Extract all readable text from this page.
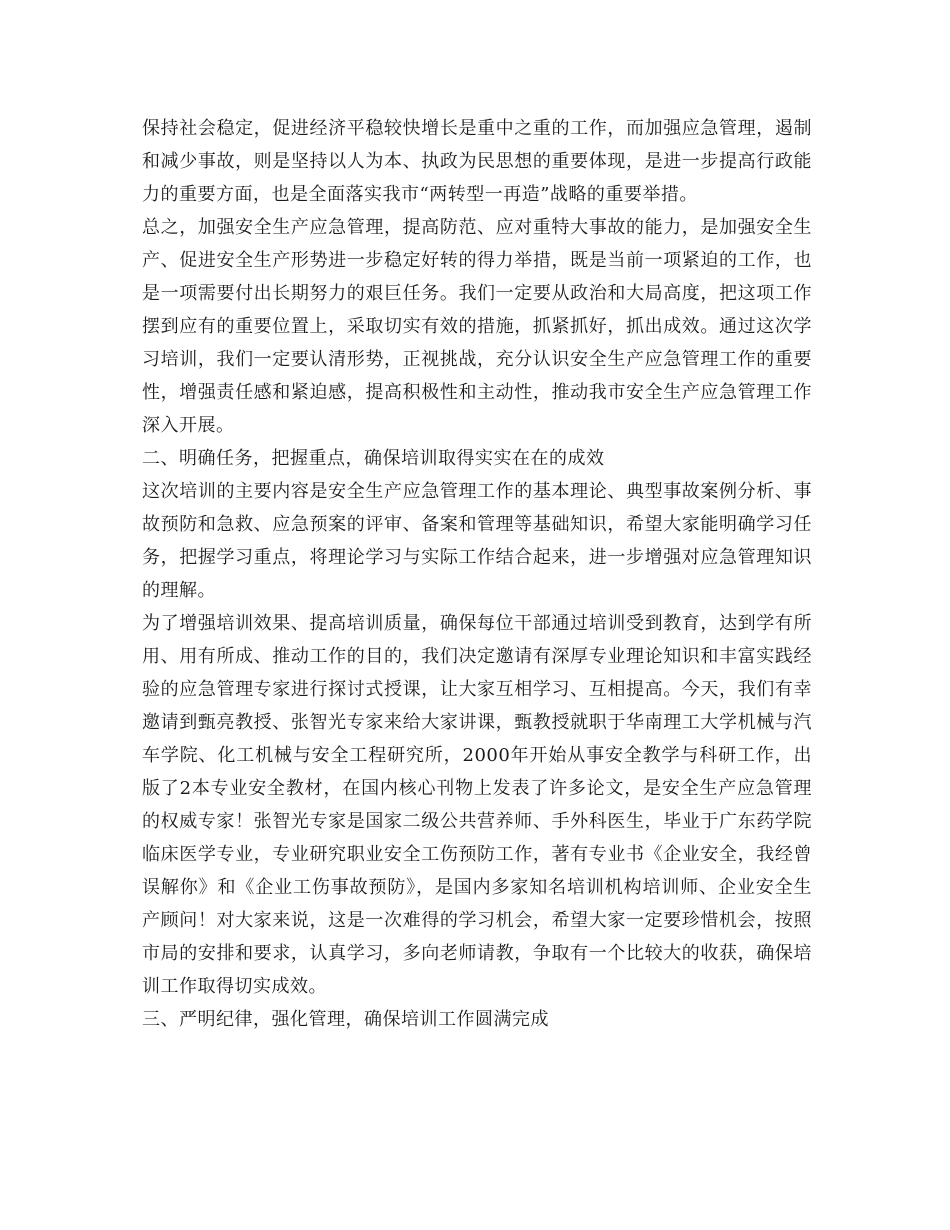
保持社会稳定，促进经济平稳较快增长是重中之重的工作，而加强应急管理，遏制和减少事故，则是坚持以人为本、执政为民思想的重要体现，是进一步提高行政能力的重要方面，也是全面落实我市“两转型一再造”战略的重要举措。

总之，加强安全生产应急管理，提高防范、应对重特大事故的能力，是加强安全生产、促进安全生产形势进一步稳定好转的得力举措，既是当前一项紧迫的工作，也是一项需要付出长期努力的艰巨任务。我们一定要从政治和大局高度，把这项工作摆到应有的重要位置上，采取切实有效的措施，抓紧抓好，抓出成效。通过这次学习培训，我们一定要认清形势，正视挑战，充分认识安全生产应急管理工作的重要性，增强责任感和紧迫感，提高积极性和主动性，推动我市安全生产应急管理工作深入开展。

二、明确任务，把握重点，确保培训取得实实在在的成效

这次培训的主要内容是安全生产应急管理工作的基本理论、典型事故案例分析、事故预防和急救、应急预案的评审、备案和管理等基础知识，希望大家能明确学习任务，把握学习重点，将理论学习与实际工作结合起来，进一步增强对应急管理知识的理解。

为了增强培训效果、提高培训质量，确保每位干部通过培训受到教育，达到学有所用、用有所成、推动工作的目的，我们决定邀请有深厚专业理论知识和丰富实践经验的应急管理专家进行探讨式授课，让大家互相学习、互相提高。今天，我们有幸邀请到甄亮教授、张智光专家来给大家讲课，甄教授就职于华南理工大学机械与汽车学院、化工机械与安全工程研究所，2000年开始从事安全教学与科研工作，出版了2本专业安全教材，在国内核心刊物上发表了许多论文，是安全生产应急管理的权威专家！张智光专家是国家二级公共营养师、手外科医生，毕业于广东药学院临床医学专业，专业研究职业安全工伤预防工作，著有专业书《企业安全，我经曾误解你》和《企业工伤事故预防》，是国内多家知名培训机构培训师、企业安全生产顾问！对大家来说，这是一次难得的学习机会，希望大家一定要珍惜机会，按照市局的安排和要求，认真学习，多向老师请教，争取有一个比较大的收获，确保培训工作取得切实成效。

三、严明纪律，强化管理，确保培训工作圆满完成
